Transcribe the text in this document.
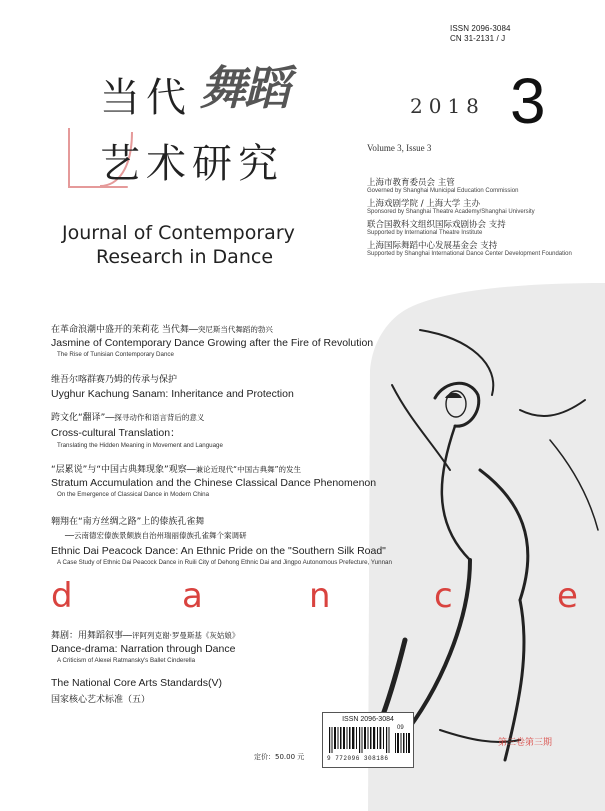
ISSN 2096-3084
CN 31-2131 / J
当代 舞蹈
艺术研究
2018 3
Volume 3, Issue 3
上海市教育委员会 主管
Governed by Shanghai Municipal Education Commission
上海戏剧学院 / 上海大学 主办
Sponsored by Shanghai Theatre Academy/Shanghai University
联合国教科文组织国际戏剧协会 支持
Supported by International Theatre Institute
上海国际舞蹈中心发展基金会 支持
Supported by Shanghai International Dance Center Development Foundation
Journal of Contemporary
Research in Dance
在革命浪潮中盛开的茉莉花 当代舞──突尼斯当代舞蹈的勃兴
Jasmine of Contemporary Dance Growing after the Fire of Revolution
The Rise of Tunisian Contemporary Dance
维吾尔喀群赛乃姆的传承与保护
Uyghur Kachung Sanam: Inheritance and Protection
跨文化“翻译”──探寻动作和语言背后的意义
Cross-cultural Translation：
Translating the Hidden Meaning in Movement and Language
“层累说”与“中国古典舞现象”观察──兼论近现代“中国古典舞”的发生
Stratum Accumulation and the Chinese Classical Dance Phenomenon
On the Emergence of Classical Dance in Modern China
翱翔在“南方丝绸之路”上的傣族孔雀舞
──云南德宏傣族景颇族自治州瑞丽傣族孔雀舞个案调研
Ethnic Dai Peacock Dance: An Ethnic Pride on the "Southern Silk Road"
A Case Study of Ethnic Dai Peacock Dance in Ruili City of Dehong Ethnic Dai and Jingpo Autonomous Prefecture, Yunnan
d	a	n	c	e
舞剧：用舞蹈叙事──评阿列克谢·罗曼斯基《灰姑娘》
Dance-drama: Narration through Dance
A Criticism of Alexei Ratmansky's Ballet Cinderella
The National Core Arts Standards(V)
国家核心艺术标准（五）
ISSN 2096-3084
09
9 772096 308186
定价：50.00 元
第三卷第三期
